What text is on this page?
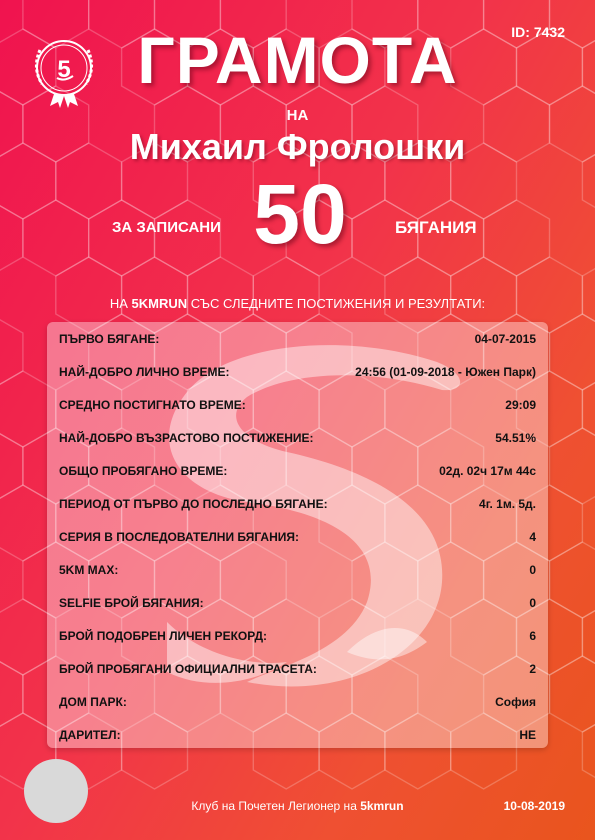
5
ID: 7432
ГРАМОТА
НА
Михаил Фролошки
ЗА ЗАПИСАНИ 50	БЯГАНИЯ
НА 5KMRUN СЪС СЛЕДНИТЕ ПОСТИЖЕНИЯ И РЕЗУЛТАТИ:
ПЪРВО БЯГАНЕ:	04-07-2015
НАЙ-ДОБРО ЛИЧНО ВРЕМЕ:	24:56 (01-09-2018 - Южен Парк)
СРЕДНО ПОСТИГНАТО ВРЕМЕ:	29:09
НАЙ-ДОБРО ВЪЗРАСТОВО ПОСТИЖЕНИЕ:	54.51%
ОБЩО ПРОБЯГАНО ВРЕМЕ:	02д. 02ч 17м 44с
ПЕРИОД ОТ ПЪРВО ДО ПОСЛЕДНО БЯГАНЕ:	4г. 1м. 5д.
СЕРИЯ В ПОСЛЕДОВАТЕЛНИ БЯГАНИЯ:	4
5KM MAX:	0
SELFIE БРОЙ БЯГАНИЯ:	0
БРОЙ ПОДОБРЕН ЛИЧЕН РЕКОРД:	6
БРОЙ ПРОБЯГАНИ ОФИЦИАЛНИ ТРАСЕТА:	2
ДОМ ПАРК:	София
ДАРИТЕЛ:	НЕ
Клуб на Почетен Легионер на 5kmrun	10-08-2019
